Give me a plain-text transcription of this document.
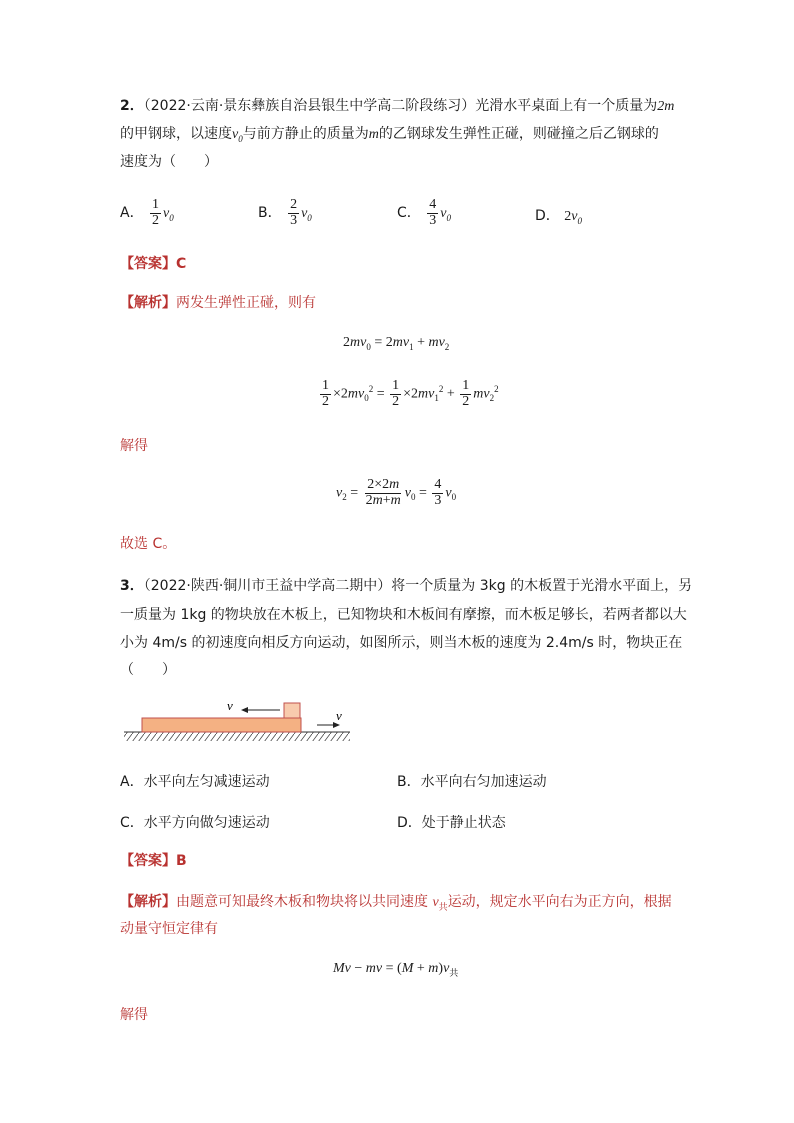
2．（2022·云南·景东彝族自治县银生中学高二阶段练习）光滑水平桌面上有一个质量为2m
的甲钢球，以速度$v_0$与前方静止的质量为m的乙钢球发生弹性正碰，则碰撞之后乙钢球的
速度为（　　）
A． $\frac{1}{2} v_0$	B． $\frac{2}{3} v_0$	C． $\frac{4}{3} v_0$	D． $2v_0$
【答案】C
【解析】两发生弹性正碰，则有
$2mv_0 = 2mv_1 + mv_2$
$\frac{1}{2} \times 2mv_0^2 = \frac{1}{2} \times 2mv_1^2 + \frac{1}{2} mv_2^2$
解得
$v_2 = \frac{2\times 2m}{2m+m} v_0 = \frac{4}{3} v_0$
故选 C。
3．（2022·陕西·铜川市王益中学高二期中）将一个质量为 3kg 的木板置于光滑水平面上，另
一质量为 1kg 的物块放在木板上，已知物块和木板间有摩擦，而木板足够长，若两者都以大
小为 4m/s 的初速度向相反方向运动，如图所示，则当木板的速度为 2.4m/s 时，物块正在
（　　）
v
v
A．水平向左匀减速运动	B．水平向右匀加速运动
C．水平方向做匀速运动	D．处于静止状态
【答案】B
【解析】由题意可知最终木板和物块将以共同速度 $v_共$运动，规定水平向右为正方向，根据
动量守恒定律有
Mv − mv = $(M + m)v_共$
解得
